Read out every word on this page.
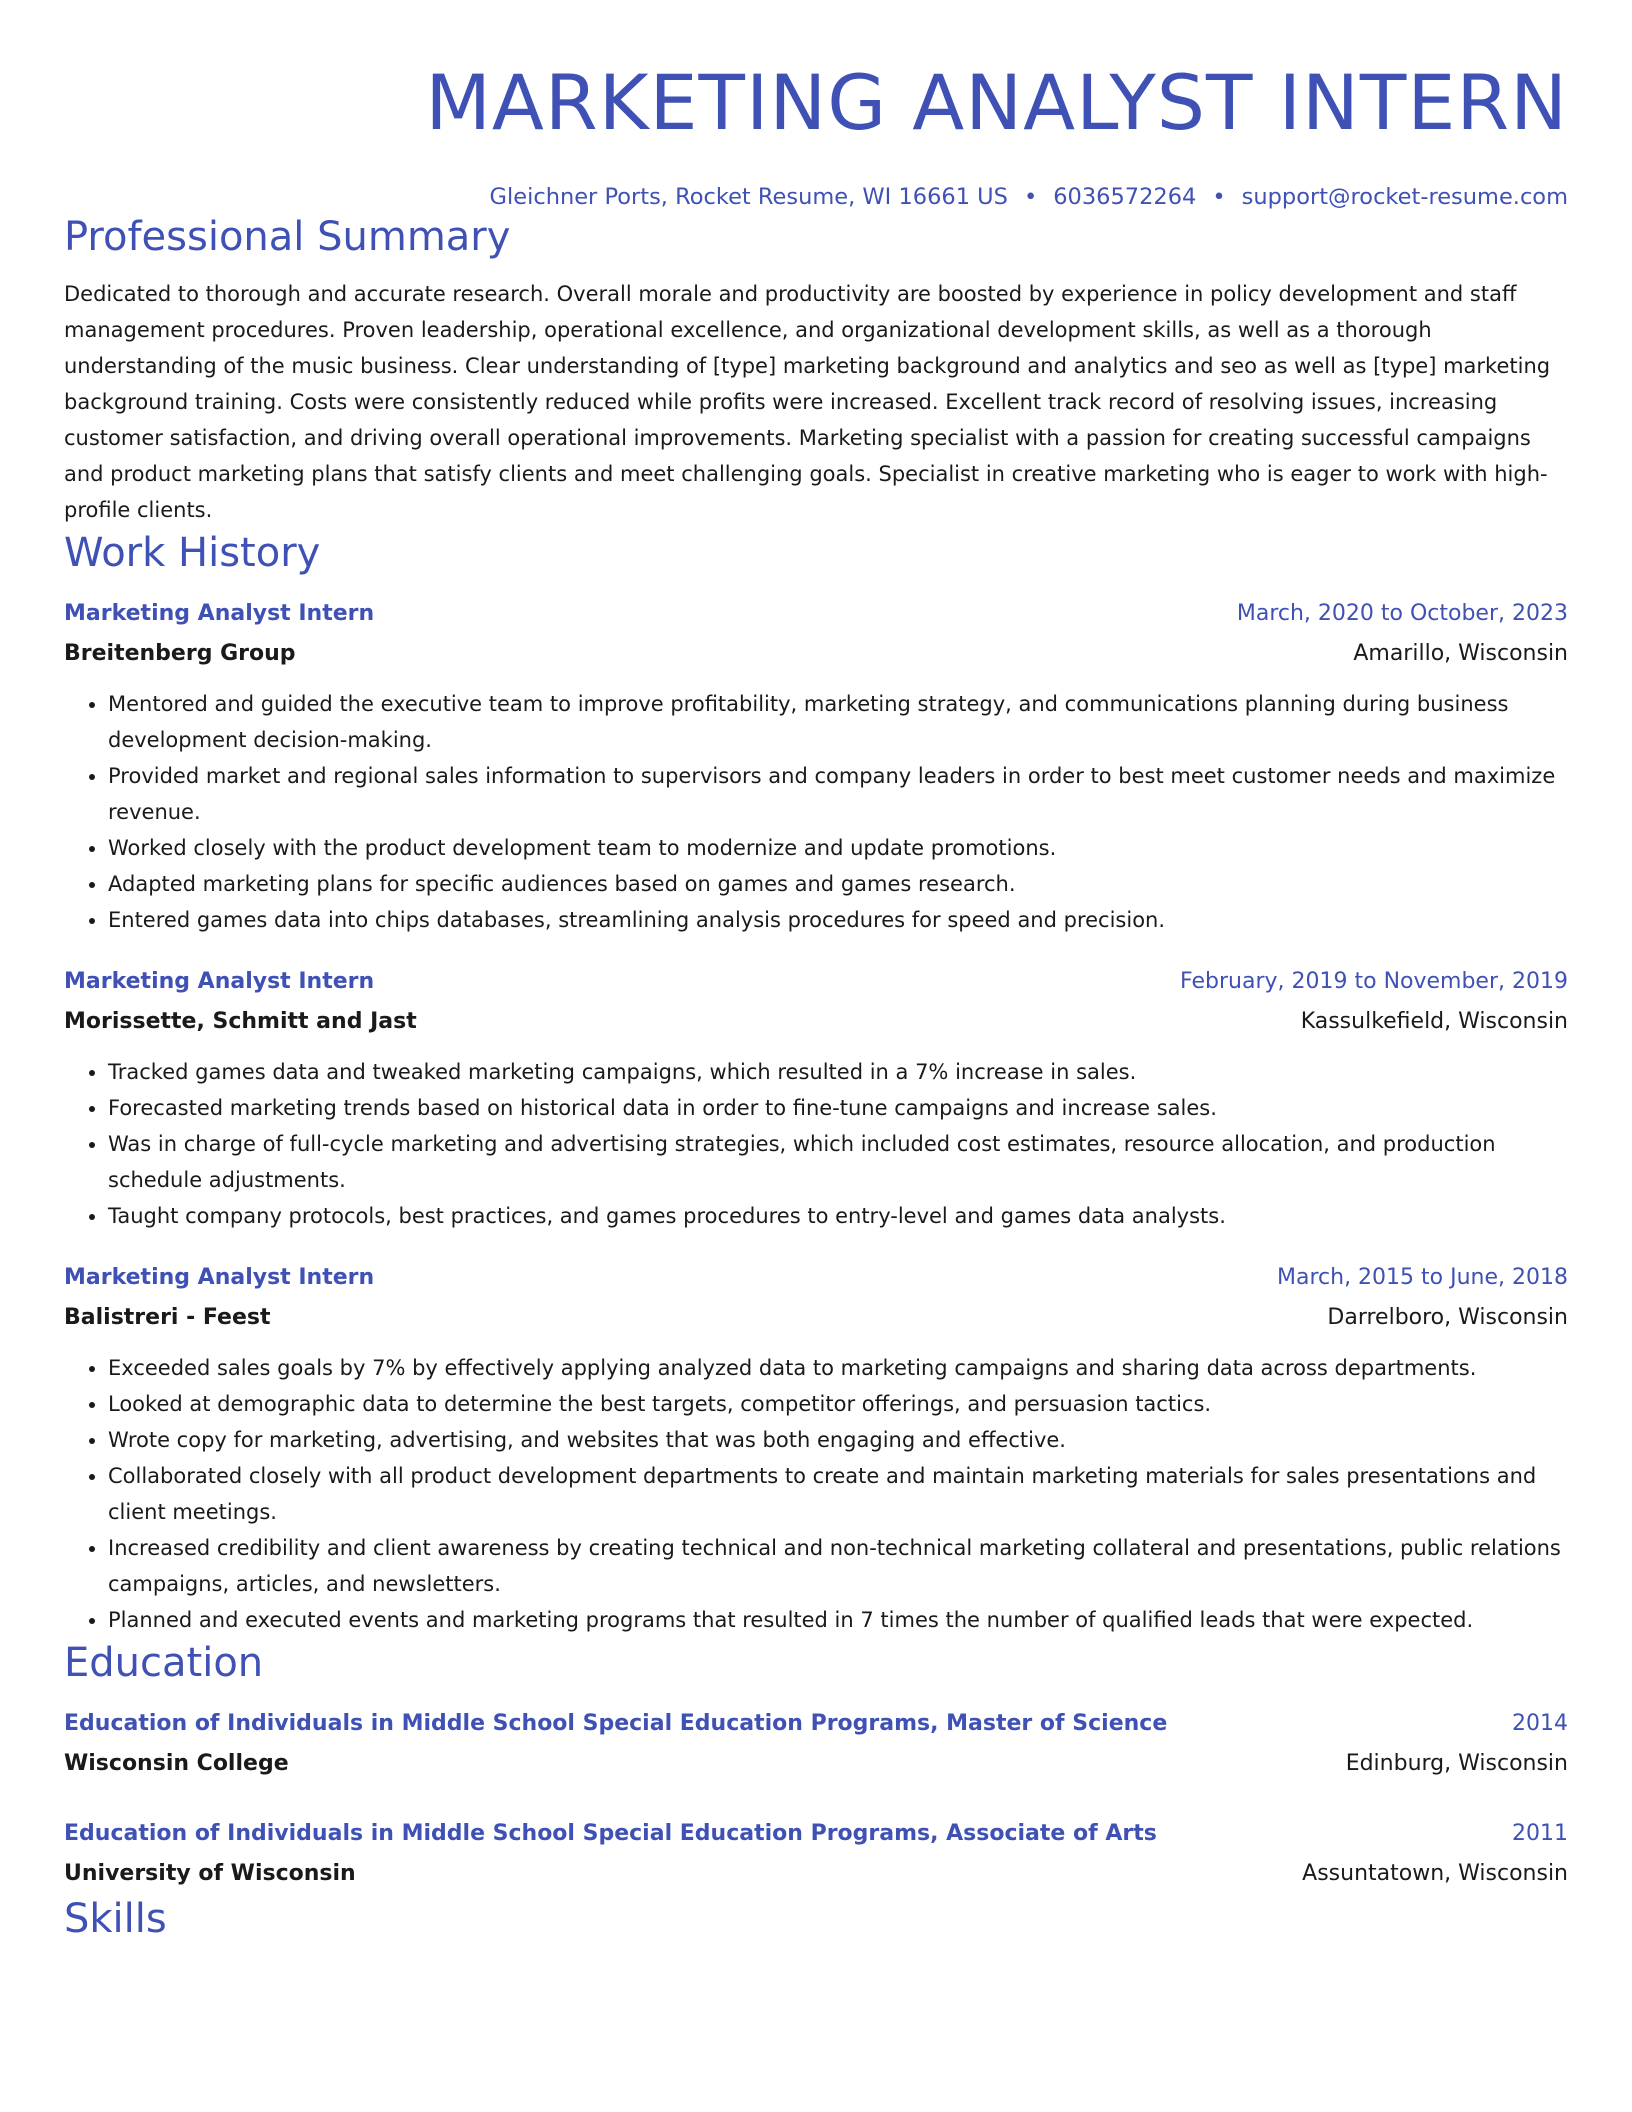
MARKETING ANALYST INTERN
Gleichner Ports, Rocket Resume, WI 16661 US • 6036572264 • support@rocket-resume.com
Professional Summary

Dedicated to thorough and accurate research. Overall morale and productivity are boosted by experience in policy development and staff management procedures. Proven leadership, operational excellence, and organizational development skills, as well as a thorough understanding of the music business. Clear understanding of [type] marketing background and analytics and seo as well as [type] marketing background training. Costs were consistently reduced while profits were increased. Excellent track record of resolving issues, increasing customer satisfaction, and driving overall operational improvements. Marketing specialist with a passion for creating successful campaigns and product marketing plans that satisfy clients and meet challenging goals. Specialist in creative marketing who is eager to work with high-profile clients.

Work History
Marketing Analyst Intern	March, 2020 to October, 2023
Breitenberg Group	Amarillo, Wisconsin
• Mentored and guided the executive team to improve profitability, marketing strategy, and communications planning during business development decision-making.
• Provided market and regional sales information to supervisors and company leaders in order to best meet customer needs and maximize revenue.
• Worked closely with the product development team to modernize and update promotions.
• Adapted marketing plans for specific audiences based on games and games research.
• Entered games data into chips databases, streamlining analysis procedures for speed and precision.
Marketing Analyst Intern	February, 2019 to November, 2019
Morissette, Schmitt and Jast	Kassulkefield, Wisconsin
• Tracked games data and tweaked marketing campaigns, which resulted in a 7% increase in sales.
• Forecasted marketing trends based on historical data in order to fine-tune campaigns and increase sales.
• Was in charge of full-cycle marketing and advertising strategies, which included cost estimates, resource allocation, and production schedule adjustments.
• Taught company protocols, best practices, and games procedures to entry-level and games data analysts.
Marketing Analyst Intern	March, 2015 to June, 2018
Balistreri - Feest	Darrelboro, Wisconsin
• Exceeded sales goals by 7% by effectively applying analyzed data to marketing campaigns and sharing data across departments.
• Looked at demographic data to determine the best targets, competitor offerings, and persuasion tactics.
• Wrote copy for marketing, advertising, and websites that was both engaging and effective.
• Collaborated closely with all product development departments to create and maintain marketing materials for sales presentations and client meetings.
• Increased credibility and client awareness by creating technical and non-technical marketing collateral and presentations, public relations campaigns, articles, and newsletters.
• Planned and executed events and marketing programs that resulted in 7 times the number of qualified leads that were expected.
Education
Education of Individuals in Middle School Special Education Programs, Master of Science	2014
Wisconsin College	Edinburg, Wisconsin
Education of Individuals in Middle School Special Education Programs, Associate of Arts	2011
University of Wisconsin	Assuntatown, Wisconsin
Skills
